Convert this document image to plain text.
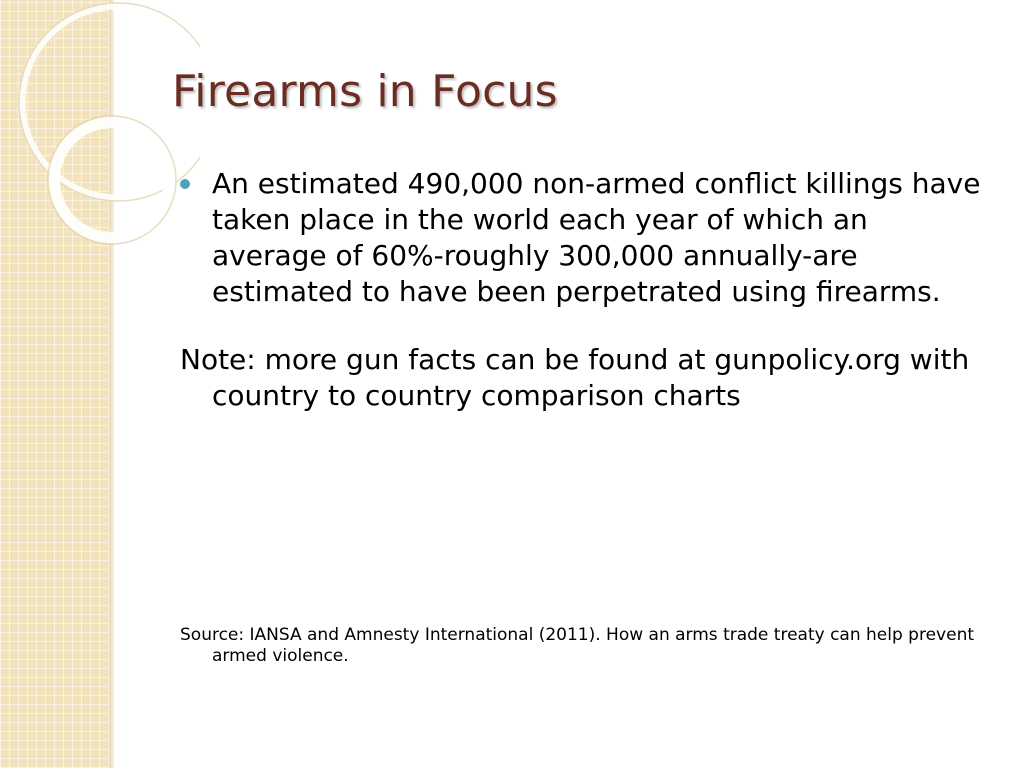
Firearms in Focus

An estimated 490,000 non-armed conflict killings have taken place in the world each year of which an average of 60%-roughly 300,000 annually-are estimated to have been perpetrated using firearms.

Note: more gun facts can be found at gunpolicy.org with country to country comparison charts

Source: IANSA and Amnesty International (2011). How an arms trade treaty can help prevent armed violence.
